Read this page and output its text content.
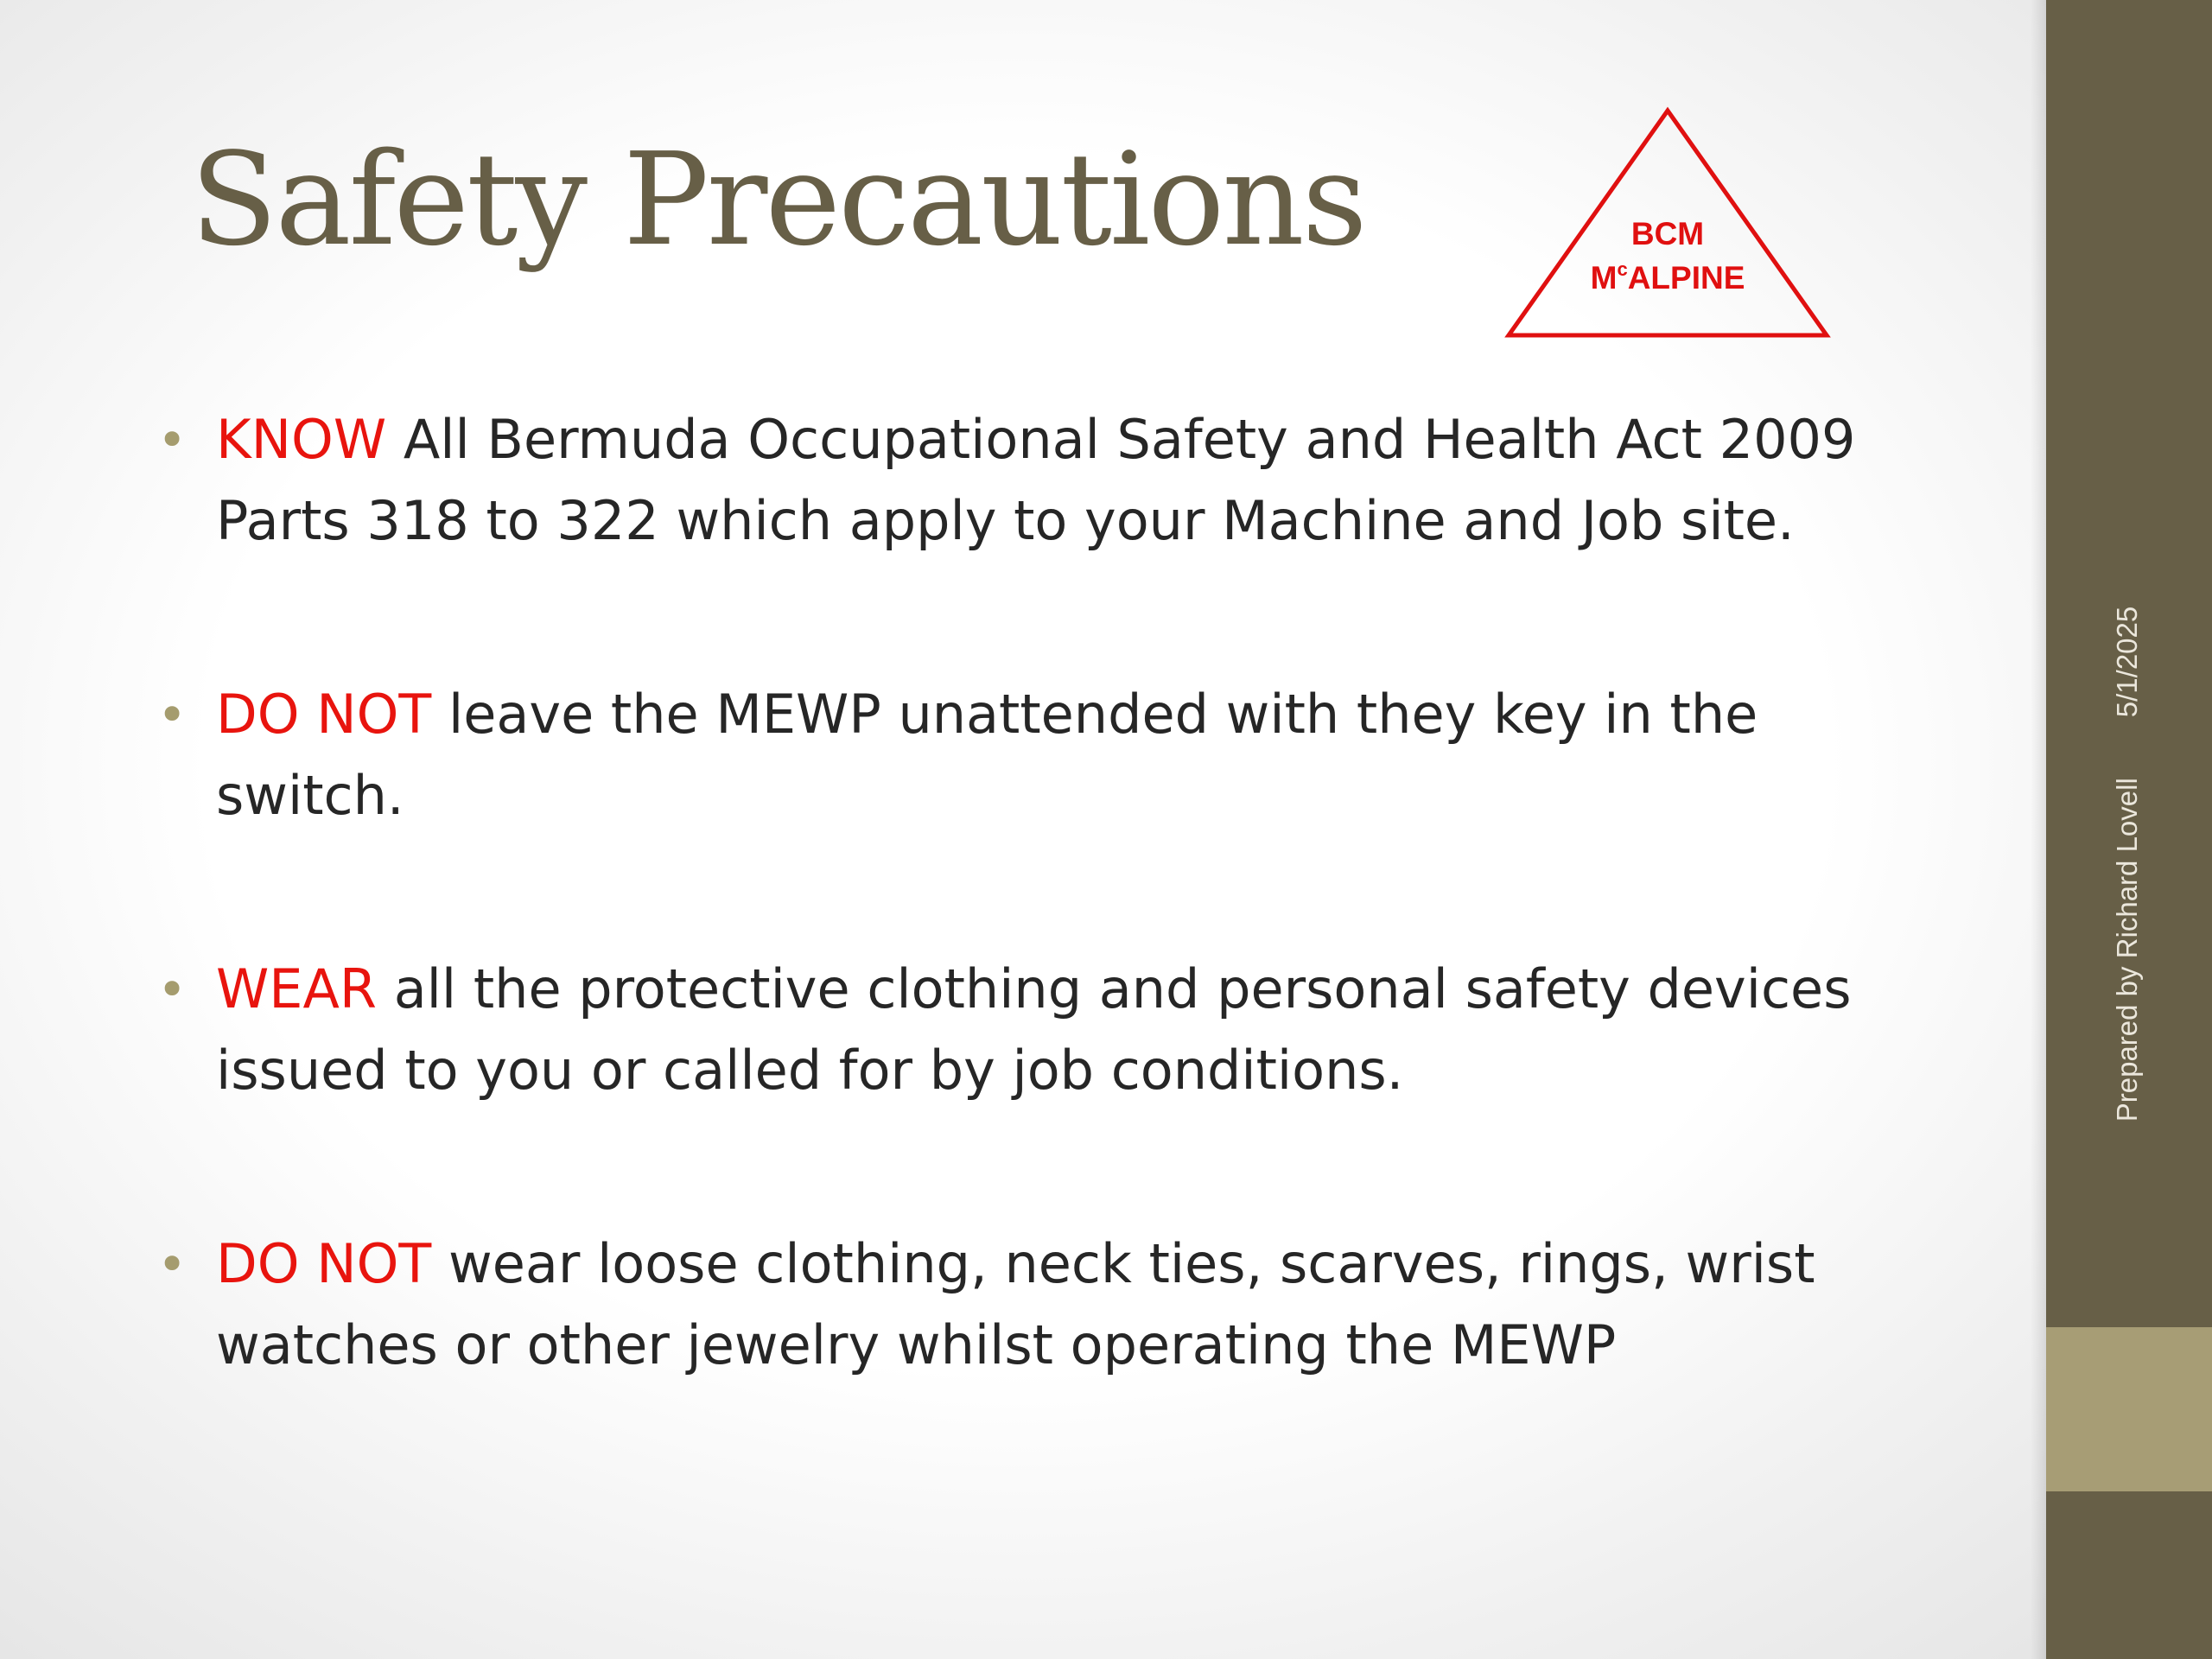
Safety Precautions	BCM
$M^cALPINE$
• KNOW All Bermuda Occupational Safety and Health Act 2009
Parts 318 to 322 which apply to your Machine and Job site.
• DO NOT leave the MEWP unattended with they key in the
switch.
• WEAR all the protective clothing and personal safety devices
issued to you or called for by job conditions.
• DO NOT wear loose clothing, neck ties, scarves, rings, wrist
watches or other jewelry whilst operating the MEWP
Prepared by Richard Lovell5/1/2025
